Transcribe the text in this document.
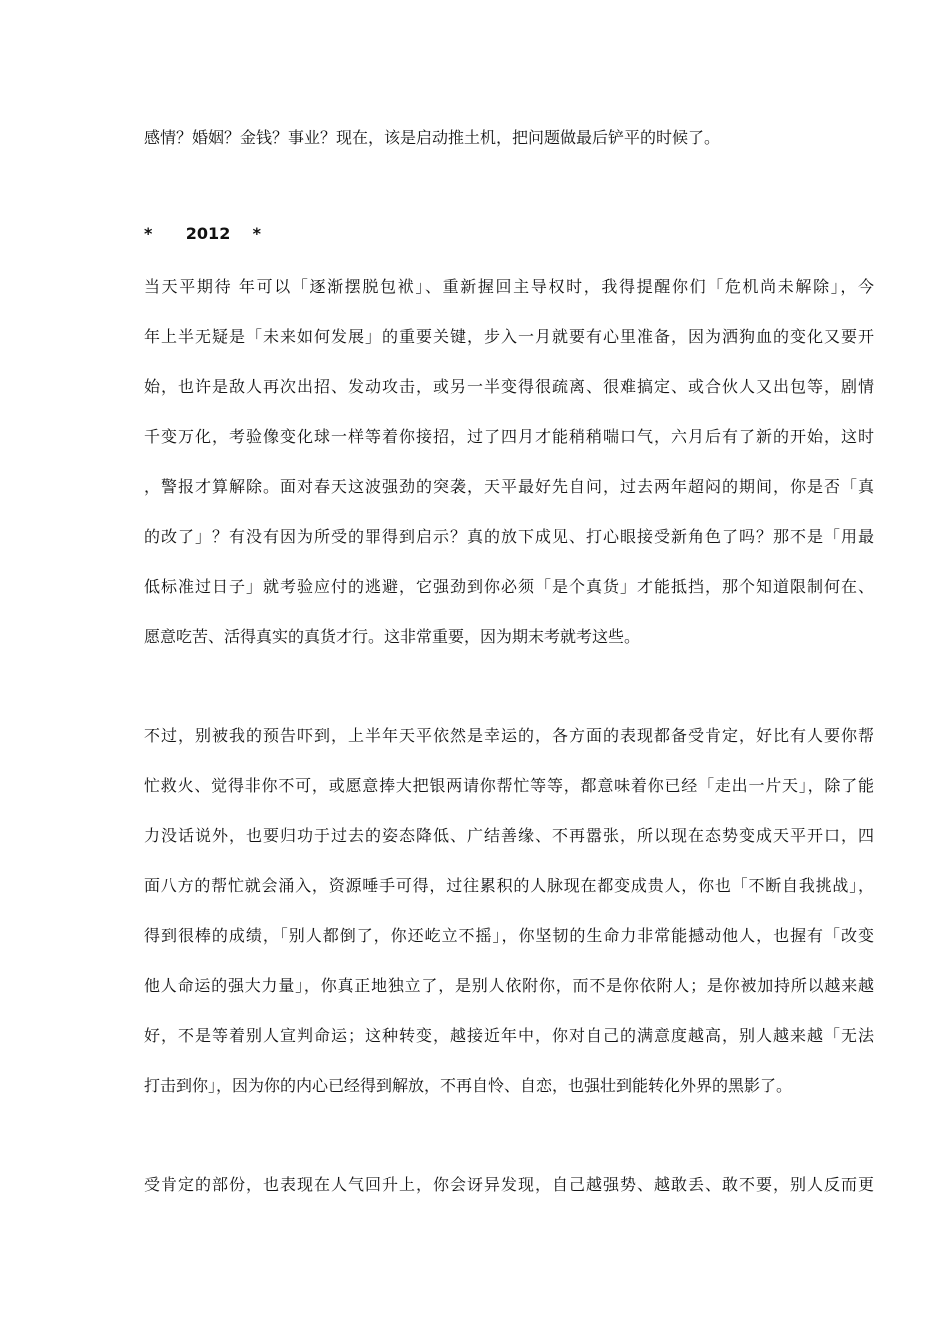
感情？婚姻？金钱？事业？现在，该是启动推土机，把问题做最后铲平的时候了。
*      2012    *
当天平期待 年可以「逐渐摆脱包袱」、重新握回主导权时，我得提醒你们「危机尚未解除」，今
年上半无疑是「未来如何发展」的重要关键，步入一月就要有心里准备，因为洒狗血的变化又要开
始，也许是敌人再次出招、发动攻击，或另一半变得很疏离、很难搞定、或合伙人又出包等，剧情
千变万化，考验像变化球一样等着你接招，过了四月才能稍稍喘口气，六月后有了新的开始，这时
，警报才算解除。面对春天这波强劲的突袭，天平最好先自问，过去两年超闷的期间，你是否「真
的改了」？有没有因为所受的罪得到启示？真的放下成见、打心眼接受新角色了吗？那不是「用最
低标准过日子」就考验应付的逃避，它强劲到你必须「是个真货」才能抵挡，那个知道限制何在、
愿意吃苦、活得真实的真货才行。这非常重要，因为期末考就考这些。
不过，别被我的预告吓到，上半年天平依然是幸运的，各方面的表现都备受肯定，好比有人要你帮
忙救火、觉得非你不可，或愿意捧大把银两请你帮忙等等，都意味着你已经「走出一片天」，除了能
力没话说外，也要归功于过去的姿态降低、广结善缘、不再嚣张，所以现在态势变成天平开口，四
面八方的帮忙就会涌入，资源唾手可得，过往累积的人脉现在都变成贵人，你也「不断自我挑战」，
得到很棒的成绩，「别人都倒了，你还屹立不摇」，你坚韧的生命力非常能撼动他人，也握有「改变
他人命运的强大力量」，你真正地独立了，是别人依附你，而不是你依附人；是你被加持所以越来越
好，不是等着别人宣判命运；这种转变，越接近年中，你对自己的满意度越高，别人越来越「无法
打击到你」，因为你的内心已经得到解放，不再自怜、自恋，也强壮到能转化外界的黑影了。
受肯定的部份，也表现在人气回升上，你会讶异发现，自己越强势、越敢丢、敢不要，别人反而更
